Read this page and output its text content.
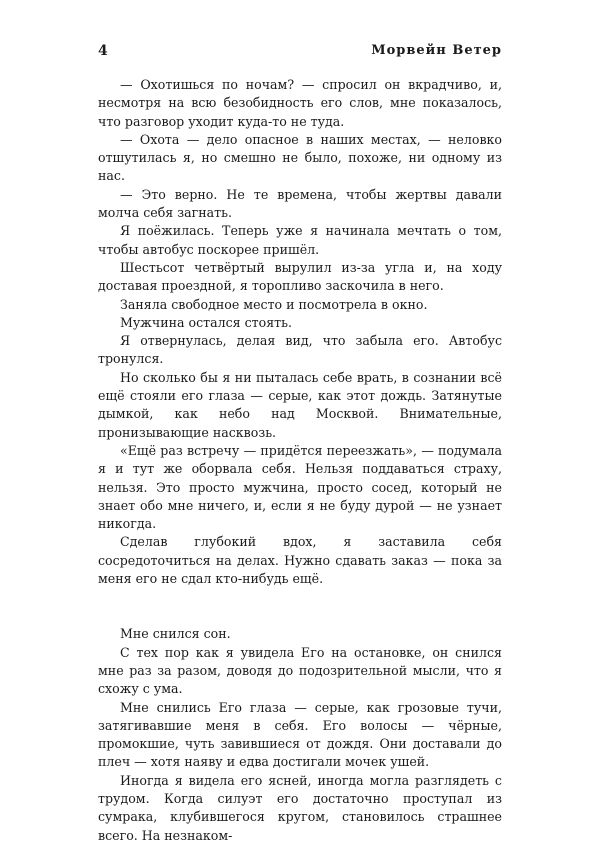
4	Морвейн Ветер

— Охотишься по ночам? — спросил он вкрадчиво, и, несмотря на всю безобидность его слов, мне показалось, что разговор уходит куда-то не туда.

— Охота — дело опасное в наших местах, — неловко отшутилась я, но смешно не было, похоже, ни одному из нас.

— Это верно. Не те времена, чтобы жертвы давали молча себя загнать.

Я поёжилась. Теперь уже я начинала мечтать о том, чтобы автобус поскорее пришёл.

Шестьсот четвёртый вырулил из-за угла и, на ходу доставая проездной, я торопливо заскочила в него.

Заняла свободное место и посмотрела в окно.

Мужчина остался стоять.

Я отвернулась, делая вид, что забыла его. Автобус тронулся.

Но сколько бы я ни пыталась себе врать, в сознании всё ещё стояли его глаза — серые, как этот дождь. Затянутые дымкой, как небо над Москвой. Внимательные, пронизывающие насквозь.

«Ещё раз встречу — придётся переезжать», — подумала я и тут же оборвала себя. Нельзя поддаваться страху, нельзя. Это просто мужчина, просто сосед, который не знает обо мне ничего, и, если я не буду дурой — не узнает никогда.

Сделав глубокий вдох, я заставила себя сосредоточиться на делах. Нужно сдавать заказ — пока за меня его не сдал кто-нибудь ещё.

Мне снился сон.

С тех пор как я увидела Его на остановке, он снился мне раз за разом, доводя до подозрительной мысли, что я схожу с ума.

Мне снились Его глаза — серые, как грозовые тучи, затягивавшие меня в себя. Его волосы — чёрные, промокшие, чуть завившиеся от дождя. Они доставали до плеч — хотя наяву и едва достигали мочек ушей.

Иногда я видела его ясней, иногда могла разглядеть с трудом. Когда силуэт его достаточно проступал из сумрака, клубившегося кругом, становилось страшнее всего. На незнаком-
